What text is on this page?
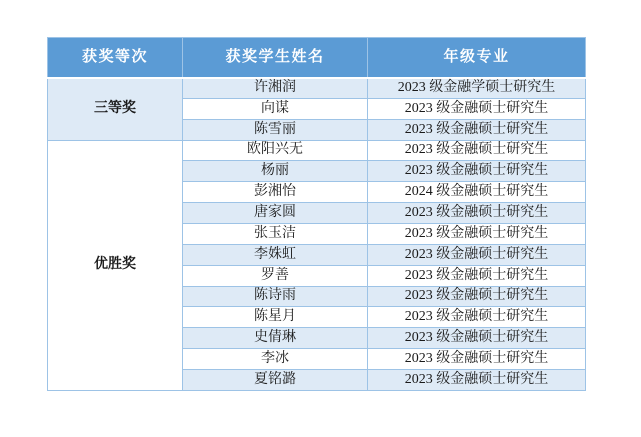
获奖等次	获奖学生姓名	年级专业
三等奖	许湘润	2023 级金融学硕士研究生
	向谋	2023 级金融硕士研究生
	陈雪丽	2023 级金融硕士研究生
优胜奖	欧阳兴无	2023 级金融硕士研究生
	杨丽	2023 级金融硕士研究生
	彭湘怡	2024 级金融硕士研究生
	唐家圆	2023 级金融硕士研究生
	张玉洁	2023 级金融硕士研究生
	李姝虹	2023 级金融硕士研究生
	罗善	2023 级金融硕士研究生
	陈诗雨	2023 级金融硕士研究生
	陈星月	2023 级金融硕士研究生
	史倩琳	2023 级金融硕士研究生
	李冰	2023 级金融硕士研究生
	夏铭潞	2023 级金融硕士研究生
